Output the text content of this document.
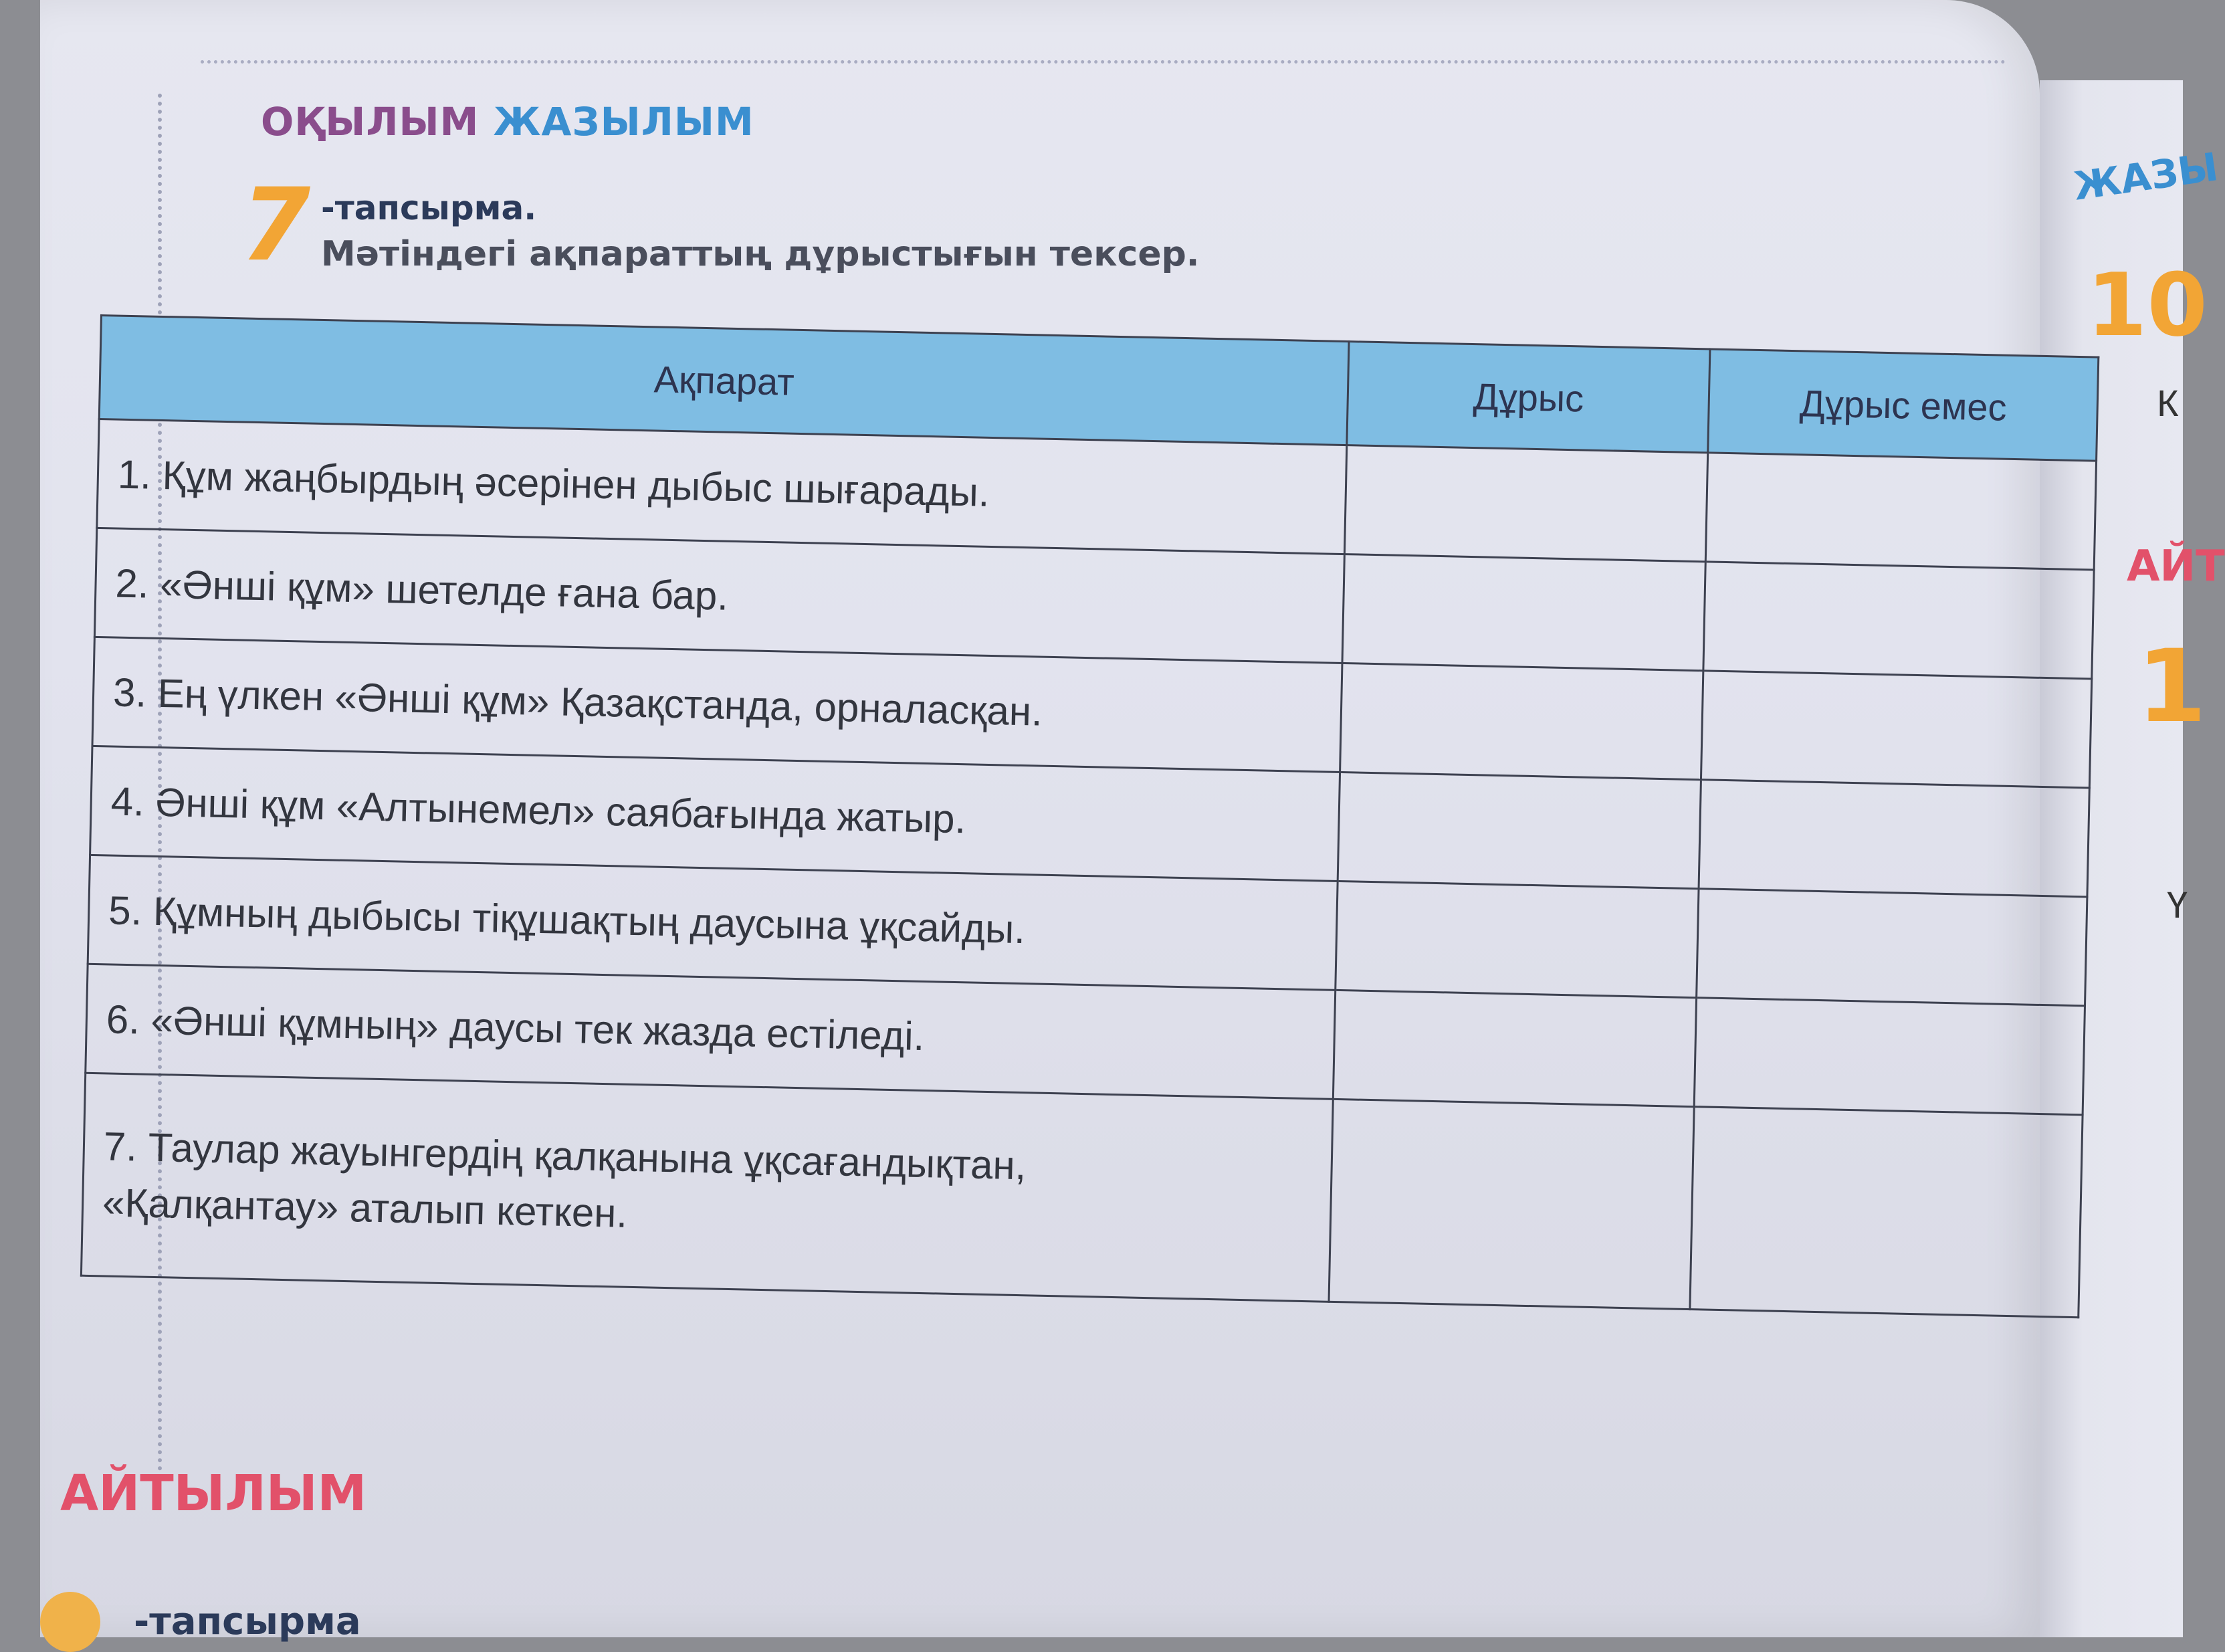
ОҚЫЛЫМ ЖАЗЫЛЫМ
7 -тапсырма.
Мәтіндегі ақпараттың дұрыстығын тексер.
Ақпарат	Дұрыс	Дұрыс емес
1. Құм жаңбырдың әсерінен дыбыс шығарады.		
2. «Әнші құм» шетелде ғана бар.		
3. Ең үлкен «Әнші құм» Қазақстанда, орналасқан.		
4. Әнші құм «Алтынемел» саябағында жатыр.		
5. Құмның дыбысы тіқұшақтың даусына ұқсайды.		
6. «Әнші құмның» даусы тек жазда естіледі.		
7. Таулар жауынгердің қалқанына ұқсағандықтан,
«Қалқантау» аталып кеткен.		
АЙТЫЛЫМ
-тапсырма
ЖАЗЫ
10
К
АЙТ
1
Ү
